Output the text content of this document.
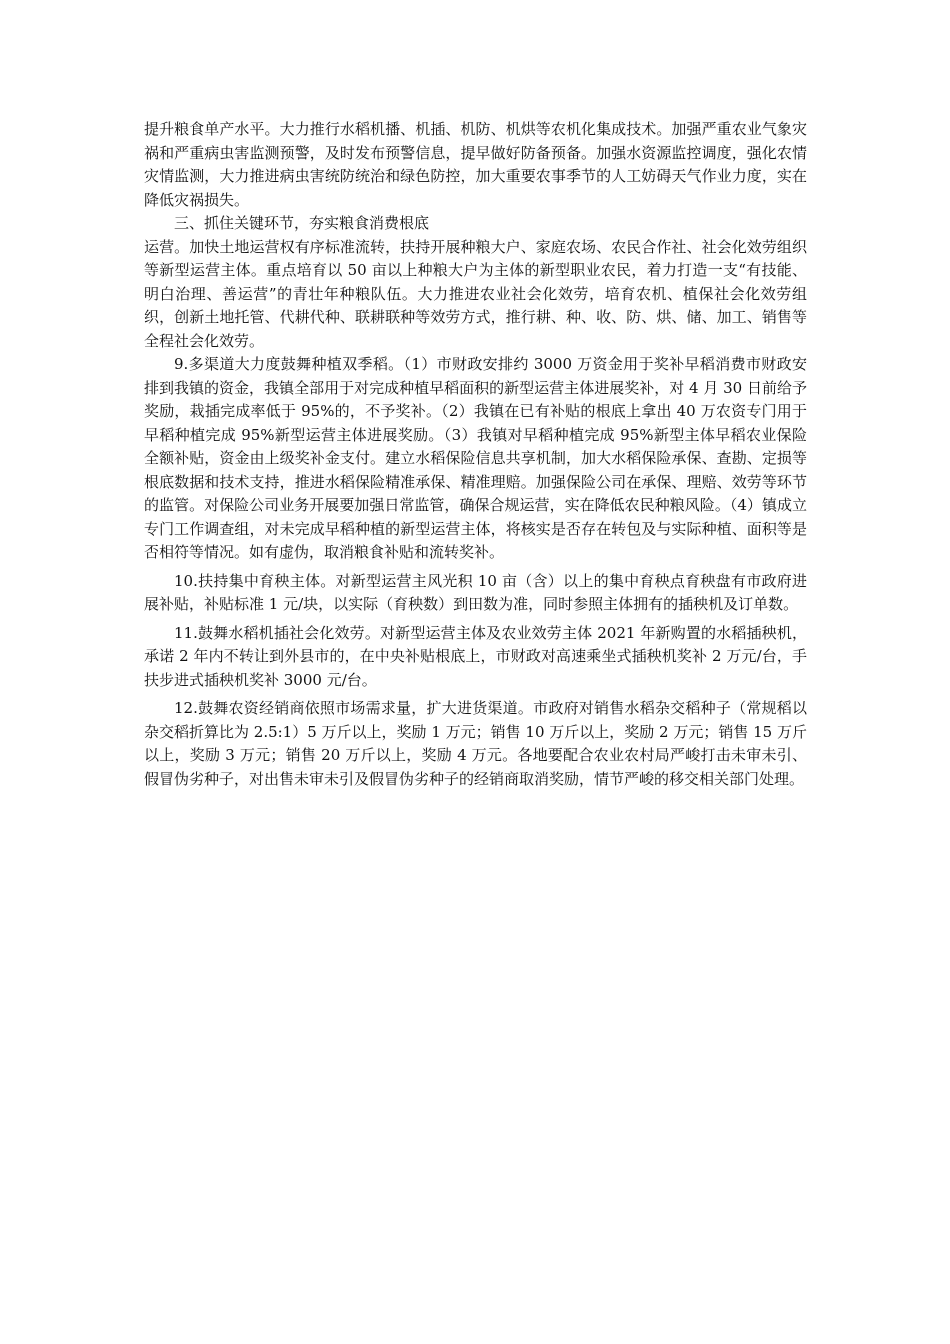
提升粮食单产水平。大力推行水稻机播、机插、机防、机烘等农机化集成技术。加强严重农业气象灾祸和严重病虫害监测预警，及时发布预警信息，提早做好防备预备。加强水资源监控调度，强化农情灾情监测，大力推进病虫害统防统治和绿色防控，加大重要农事季节的人工妨碍天气作业力度，实在降低灾祸损失。

三、抓住关键环节，夯实粮食消费根底

运营。加快土地运营权有序标准流转，扶持开展种粮大户、家庭农场、农民合作社、社会化效劳组织等新型运营主体。重点培育以 50 亩以上种粮大户为主体的新型职业农民，着力打造一支“有技能、明白治理、善运营”的青壮年种粮队伍。大力推进农业社会化效劳，培育农机、植保社会化效劳组织，创新土地托管、代耕代种、联耕联种等效劳方式，推行耕、种、收、防、烘、储、加工、销售等全程社会化效劳。

9.多渠道大力度鼓舞种植双季稻。（1）市财政安排约 3000 万资金用于奖补早稻消费市财政安排到我镇的资金，我镇全部用于对完成种植早稻面积的新型运营主体进展奖补，对 4 月 30 日前给予奖励，栽插完成率低于 95%的，不予奖补。（2）我镇在已有补贴的根底上拿出 40 万农资专门用于早稻种植完成 95%新型运营主体进展奖励。（3）我镇对早稻种植完成 95%新型主体早稻农业保险全额补贴，资金由上级奖补金支付。建立水稻保险信息共享机制，加大水稻保险承保、查勘、定损等根底数据和技术支持，推进水稻保险精准承保、精准理赔。加强保险公司在承保、理赔、效劳等环节的监管。对保险公司业务开展要加强日常监管，确保合规运营，实在降低农民种粮风险。（4）镇成立专门工作调查组，对未完成早稻种植的新型运营主体，将核实是否存在转包及与实际种植、面积等是否相符等情况。如有虚伪，取消粮食补贴和流转奖补。

10.扶持集中育秧主体。对新型运营主风光积 10 亩（含）以上的集中育秧点育秧盘有市政府进展补贴，补贴标准 1 元/块，以实际（育秧数）到田数为准，同时参照主体拥有的插秧机及订单数。

11.鼓舞水稻机插社会化效劳。对新型运营主体及农业效劳主体 2021 年新购置的水稻插秧机，承诺 2 年内不转让到外县市的，在中央补贴根底上，市财政对高速乘坐式插秧机奖补 2 万元/台，手扶步进式插秧机奖补 3000 元/台。

12.鼓舞农资经销商依照市场需求量，扩大进货渠道。市政府对销售水稻杂交稻种子（常规稻以杂交稻折算比为 2.5:1）5 万斤以上，奖励 1 万元；销售 10 万斤以上，奖励 2 万元；销售 15 万斤以上，奖励 3 万元；销售 20 万斤以上，奖励 4 万元。各地要配合农业农村局严峻打击未审未引、假冒伪劣种子，对出售未审未引及假冒伪劣种子的经销商取消奖励，情节严峻的移交相关部门处理。
